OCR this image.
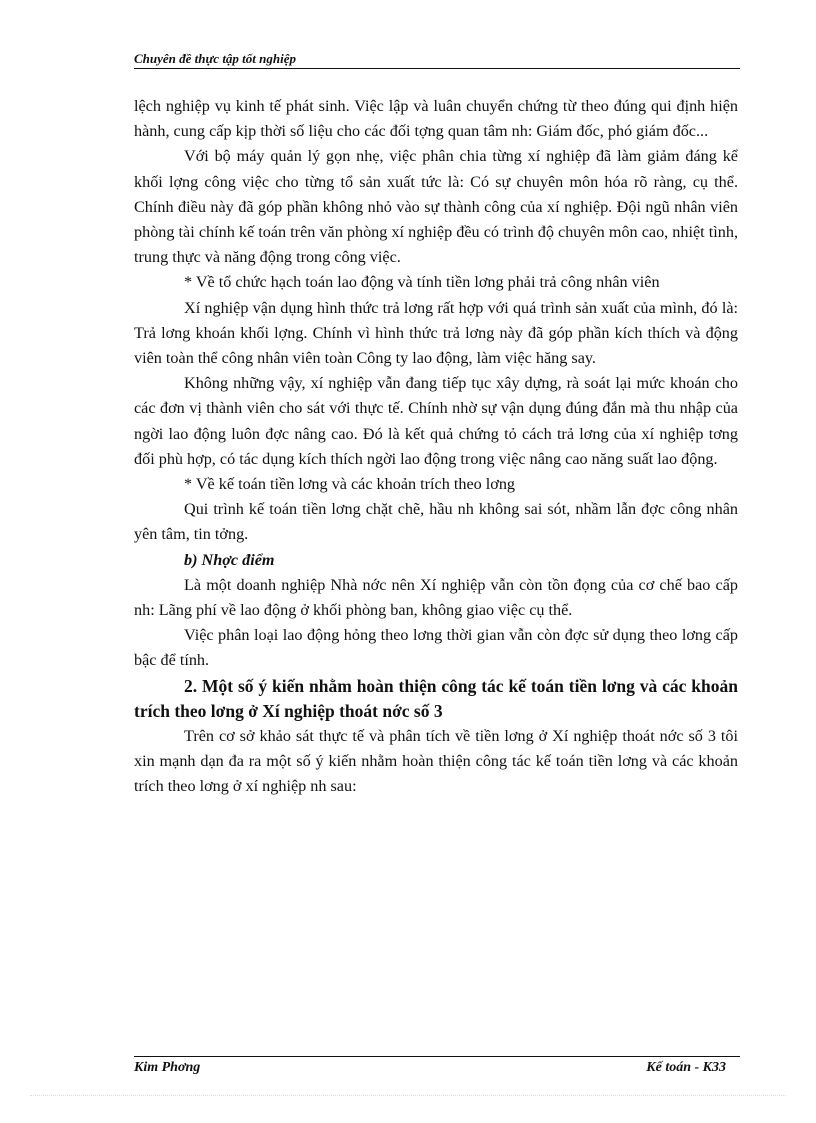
Chuyên đề thực tập tốt nghiệp

lệch nghiệp vụ kinh tế phát sinh. Việc lập và luân chuyển chứng từ theo đúng qui định hiện hành, cung cấp kịp thời số liệu cho các đối tợng quan tâm nh: Giám đốc, phó giám đốc...

Với bộ máy quản lý gọn nhẹ, việc phân chia từng xí nghiệp đã làm giảm đáng kể khối lợng công việc cho từng tổ sản xuất tức là: Có sự chuyên môn hóa rõ ràng, cụ thể. Chính điều này đã góp phần không nhỏ vào sự thành công của xí nghiệp. Đội ngũ nhân viên phòng tài chính kế toán trên văn phòng xí nghiệp đều có trình độ chuyên môn cao, nhiệt tình, trung thực và năng động trong công việc.

* Về tổ chức hạch toán lao động và tính tiền lơng phải trả công nhân viên

Xí nghiệp vận dụng hình thức trả lơng rất hợp với quá trình sản xuất của mình, đó là: Trả lơng khoán khối lợng. Chính vì hình thức trả lơng này đã góp phần kích thích và động viên toàn thể công nhân viên toàn Công ty lao động, làm việc hăng say.

Không những vậy, xí nghiệp vẫn đang tiếp tục xây dựng, rà soát lại mức khoán cho các đơn vị thành viên cho sát với thực tế. Chính nhờ sự vận dụng đúng đắn mà thu nhập của ngời lao động luôn đợc nâng cao. Đó là kết quả chứng tỏ cách trả lơng của xí nghiệp tơng đối phù hợp, có tác dụng kích thích ngời lao động trong việc nâng cao năng suất lao động.

* Về kế toán tiền lơng và các khoản trích theo lơng

Qui trình kế toán tiền lơng chặt chẽ, hầu nh không sai sót, nhầm lẫn đợc công nhân yên tâm, tin tởng.

b) Nhợc điểm

Là một doanh nghiệp Nhà nớc nên Xí nghiệp vẫn còn tồn đọng của cơ chế bao cấp nh: Lãng phí về lao động ở khối phòng ban, không giao việc cụ thể.

Việc phân loại lao động hỏng theo lơng thời gian vẫn còn đợc sử dụng theo lơng cấp bậc để tính.

2. Một số ý kiến nhằm hoàn thiện công tác kế toán tiền lơng và các khoản trích theo lơng ở Xí nghiệp thoát nớc số 3

Trên cơ sở khảo sát thực tế và phân tích về tiền lơng ở Xí nghiệp thoát nớc số 3 tôi xin mạnh dạn đa ra một số ý kiến nhằm hoàn thiện công tác kế toán tiền lơng và các khoản trích theo lơng ở xí nghiệp nh sau:

Kim Phơng	Kế toán - K33
